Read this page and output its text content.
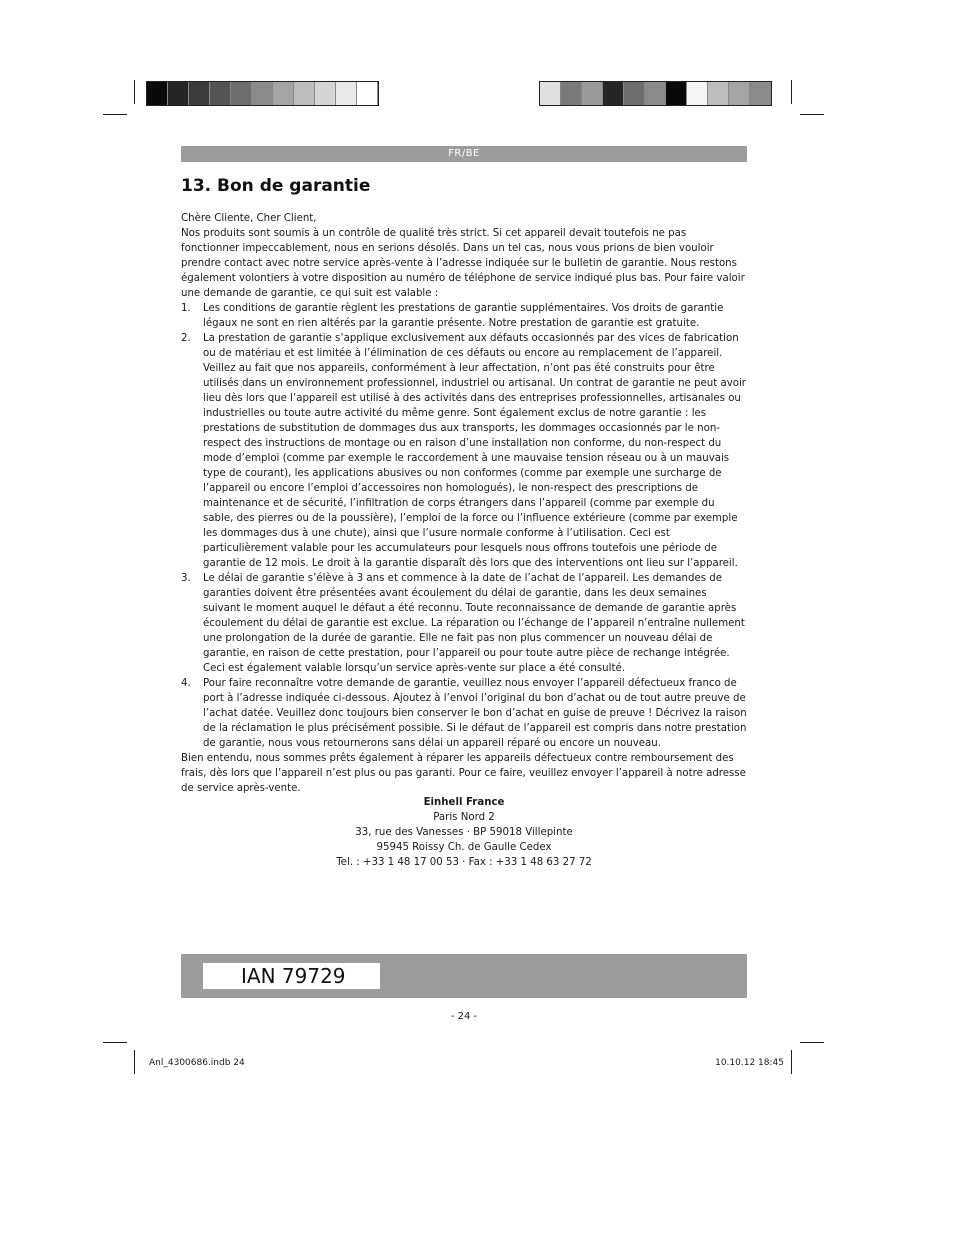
FR/BE
13. Bon de garantie

Chère Cliente, Cher Client,

Nos produits sont soumis à un contrôle de qualité très strict. Si cet appareil devait toutefois ne pas fonctionner impeccablement, nous en serions désolés. Dans un tel cas, nous vous prions de bien vouloir prendre contact avec notre service après-vente à l’adresse indiquée sur le bulletin de garantie. Nous restons également volontiers à votre disposition au numéro de téléphone de service indiqué plus bas. Pour faire valoir une demande de garantie, ce qui suit est valable :

1. Les conditions de garantie règlent les prestations de garantie supplémentaires. Vos droits de garantie légaux ne sont en rien altérés par la garantie présente. Notre prestation de garantie est gratuite.
2. La prestation de garantie s’applique exclusivement aux défauts occasionnés par des vices de fabrication ou de matériau et est limitée à l’élimination de ces défauts ou encore au remplacement de l’appareil. Veillez au fait que nos appareils, conformément à leur affectation, n’ont pas été construits pour être utilisés dans un environnement professionnel, industriel ou artisanal. Un contrat de garantie ne peut avoir lieu dès lors que l’appareil est utilisé à des activités dans des entreprises professionnelles, artisanales ou industrielles ou toute autre activité du même genre. Sont également exclus de notre garantie : les prestations de substitution de dommages dus aux transports, les dommages occasionnés par le non-respect des instructions de montage ou en raison d’une installation non conforme, du non-respect du mode d’emploi (comme par exemple le raccordement à une mauvaise tension réseau ou à un mauvais type de courant), les applications abusives ou non conformes (comme par exemple une surcharge de l’appareil ou encore l’emploi d’accessoires non homologués), le non-respect des prescriptions de maintenance et de sécurité, l’infiltration de corps étrangers dans l’appareil (comme par exemple du sable, des pierres ou de la poussière), l’emploi de la force ou l’influence extérieure (comme par exemple les dommages dus à une chute), ainsi que l’usure normale conforme à l’utilisation. Ceci est particulièrement valable pour les accumulateurs pour lesquels nous offrons toutefois une période de garantie de 12 mois. Le droit à la garantie disparaît dès lors que des interventions ont lieu sur l’appareil.
3. Le délai de garantie s’élève à 3 ans et commence à la date de l’achat de l’appareil. Les demandes de garanties doivent être présentées avant écoulement du délai de garantie, dans les deux semaines suivant le moment auquel le défaut a été reconnu. Toute reconnaissance de demande de garantie après écoulement du délai de garantie est exclue. La réparation ou l’échange de l’appareil n’entraîne nullement une prolongation de la durée de garantie. Elle ne fait pas non plus commencer un nouveau délai de garantie, en raison de cette prestation, pour l’appareil ou pour toute autre pièce de rechange intégrée. Ceci est également valable lorsqu’un service après-vente sur place a été consulté.
4. Pour faire reconnaître votre demande de garantie, veuillez nous envoyer l’appareil défectueux franco de port à l’adresse indiquée ci-dessous. Ajoutez à l’envoi l’original du bon d’achat ou de tout autre preuve de l’achat datée. Veuillez donc toujours bien conserver le bon d’achat en guise de preuve ! Décrivez la raison de la réclamation le plus précisément possible. Si le défaut de l’appareil est compris dans notre prestation de garantie, nous vous retournerons sans délai un appareil réparé ou encore un nouveau.

Bien entendu, nous sommes prêts également à réparer les appareils défectueux contre remboursement des frais, dès lors que l’appareil n’est plus ou pas garanti. Pour ce faire, veuillez envoyer l’appareil à notre adresse de service après-vente.

Einhell France
Paris Nord 2
33, rue des Vanesses · BP 59018 Villepinte
95945 Roissy Ch. de Gaulle Cedex
Tel. : +33 1 48 17 00 53 · Fax : +33 1 48 63 27 72
IAN 79729
- 24 -
Anl_4300686.indb 24	10.10.12 18:45
